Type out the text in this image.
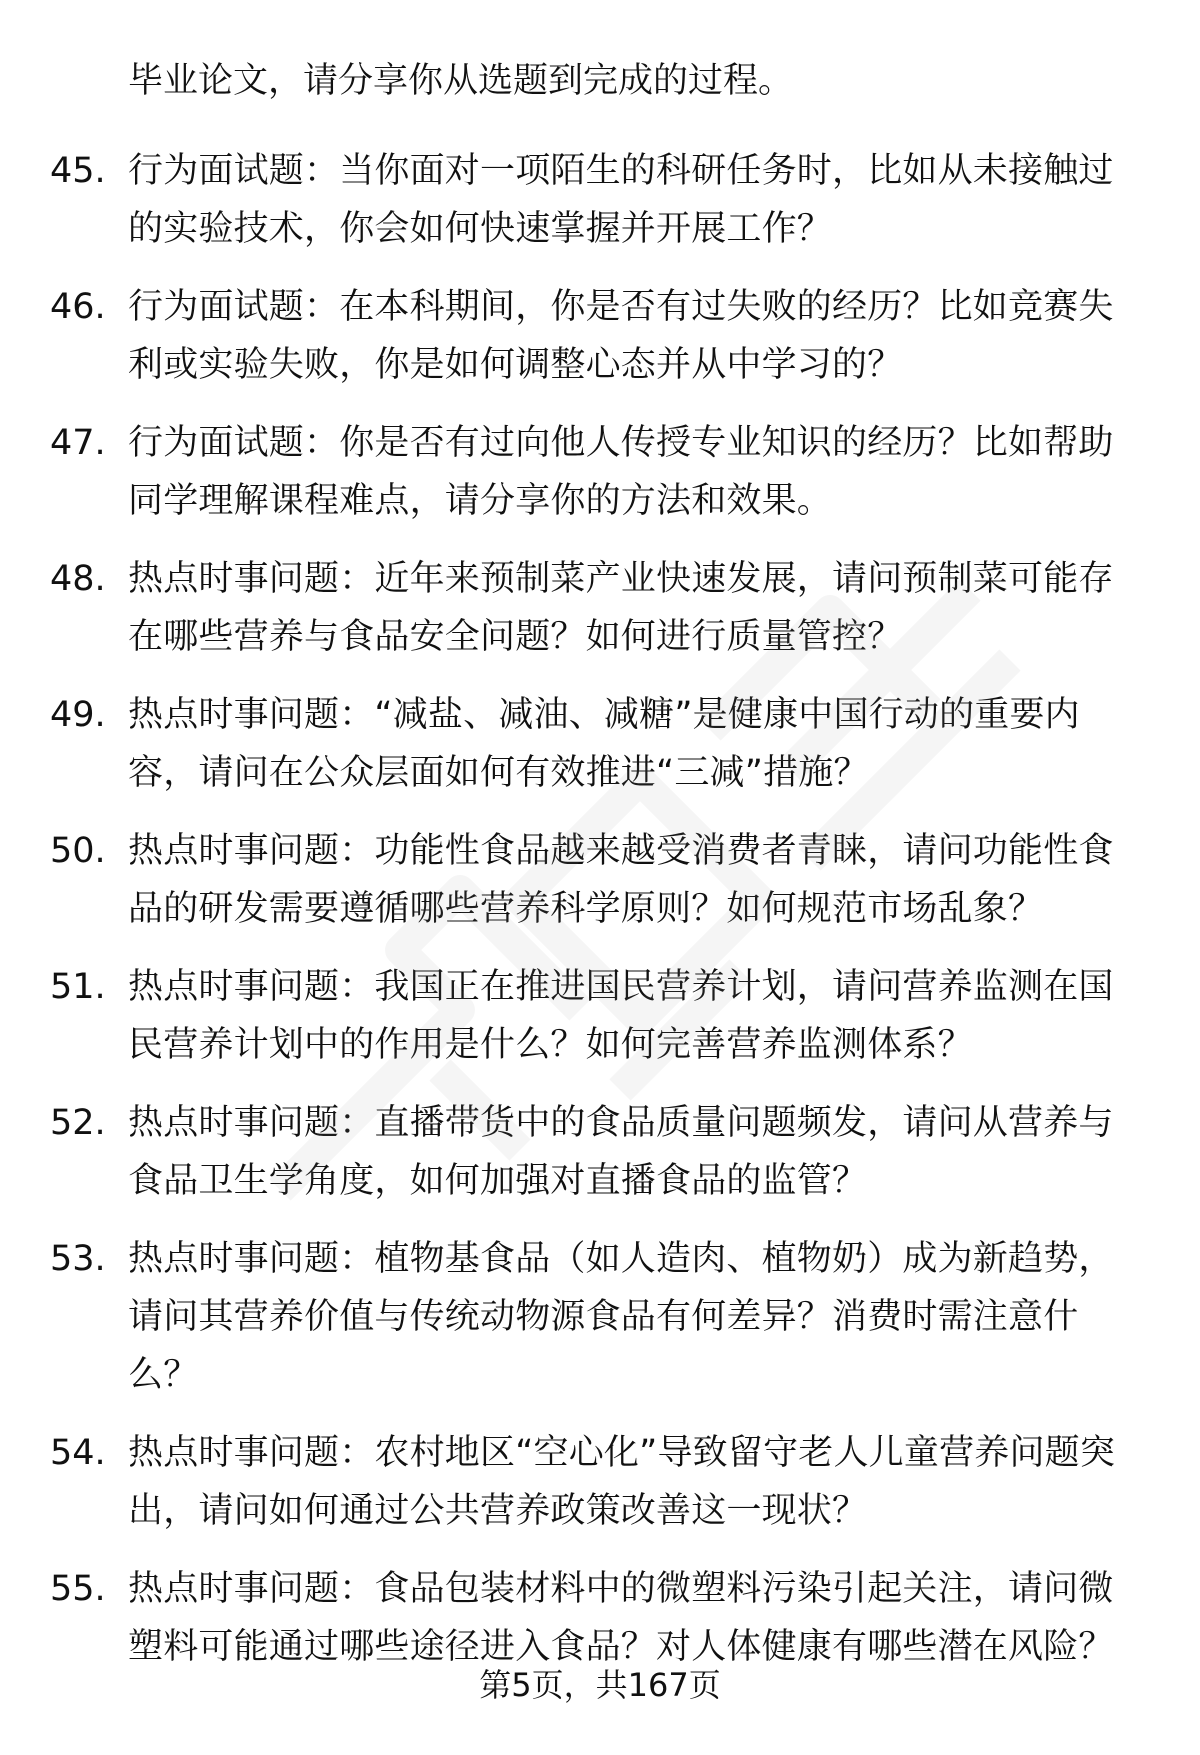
毕业论文，请分享你从选题到完成的过程。
45. 行为面试题：当你面对一项陌生的科研任务时，比如从未接触过的实验技术，你会如何快速掌握并开展工作？
46. 行为面试题：在本科期间，你是否有过失败的经历？比如竞赛失利或实验失败，你是如何调整心态并从中学习的？
47. 行为面试题：你是否有过向他人传授专业知识的经历？比如帮助同学理解课程难点，请分享你的方法和效果。
48. 热点时事问题：近年来预制菜产业快速发展，请问预制菜可能存在哪些营养与食品安全问题？如何进行质量管控？
49. 热点时事问题：“减盐、减油、减糖”是健康中国行动的重要内容，请问在公众层面如何有效推进“三减”措施？
50. 热点时事问题：功能性食品越来越受消费者青睐，请问功能性食品的研发需要遵循哪些营养科学原则？如何规范市场乱象？
51. 热点时事问题：我国正在推进国民营养计划，请问营养监测在国民营养计划中的作用是什么？如何完善营养监测体系？
52. 热点时事问题：直播带货中的食品质量问题频发，请问从营养与食品卫生学角度，如何加强对直播食品的监管？
53. 热点时事问题：植物基食品（如人造肉、植物奶）成为新趋势，请问其营养价值与传统动物源食品有何差异？消费时需注意什么？
54. 热点时事问题：农村地区“空心化”导致留守老人儿童营养问题突出，请问如何通过公共营养政策改善这一现状？
55. 热点时事问题：食品包装材料中的微塑料污染引起关注，请问微塑料可能通过哪些途径进入食品？对人体健康有哪些潜在风险？
第5页，共167页
